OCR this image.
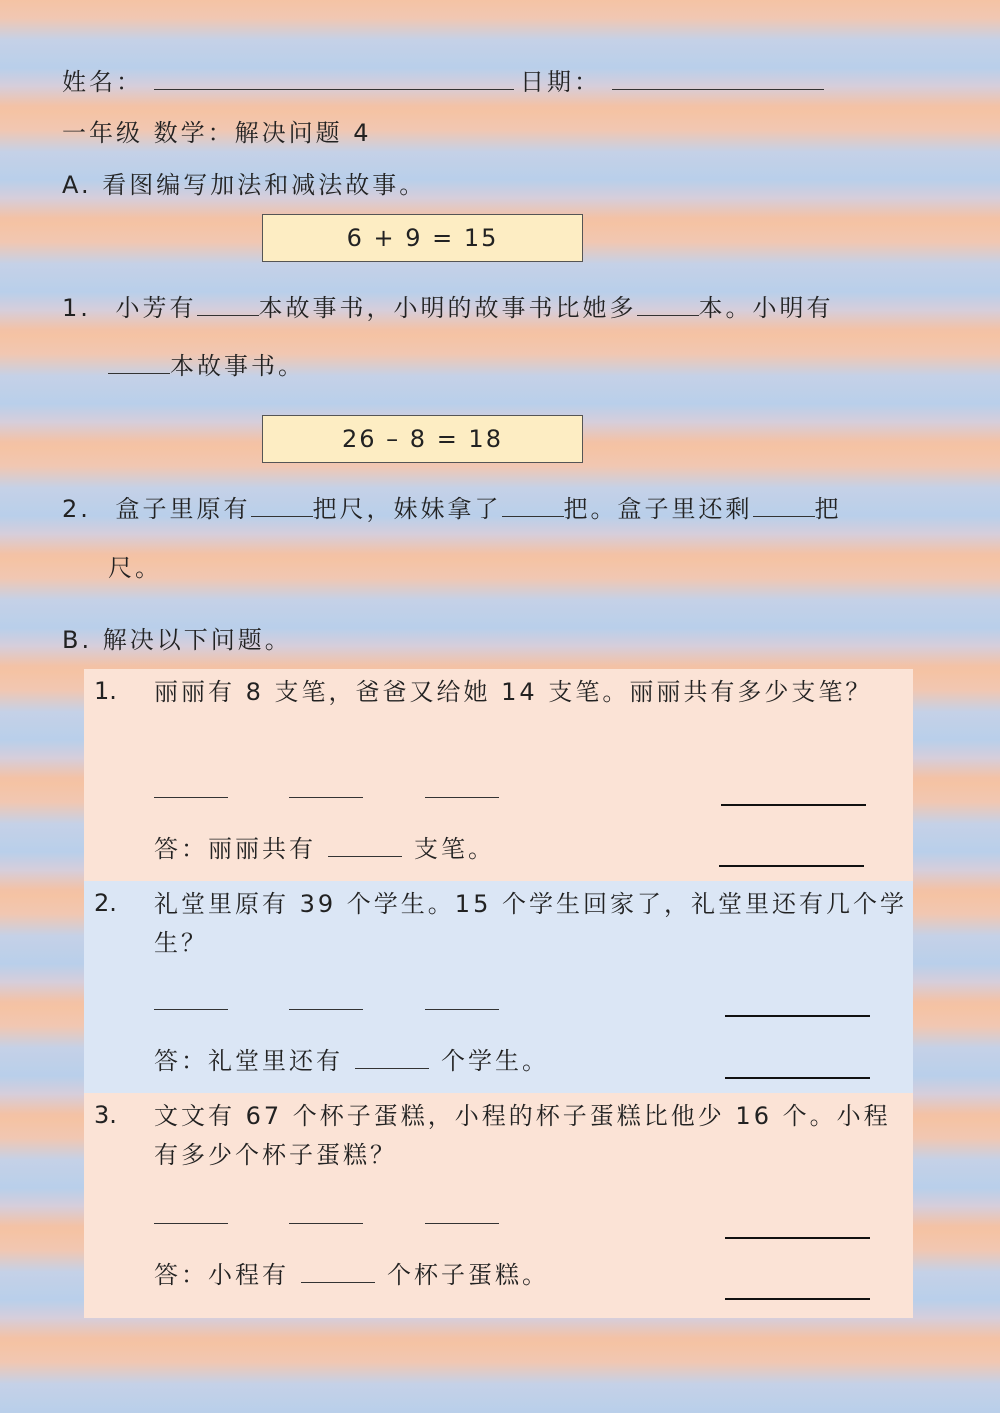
姓名：	日期：
一年级 数学：解决问题 4
A. 看图编写加法和减法故事。
6 + 9 = 15
1. 小芳有	本故事书，小明的故事书比她多	本。小明有
本故事书。
26 – 8 = 18
2. 盒子里原有	把尺，妹妹拿了	把。盒子里还剩	把
尺。
B. 解决以下问题。
1. 丽丽有 8 支笔，爸爸又给她 14 支笔。丽丽共有多少支笔？
答：丽丽共有	支笔。
2. 礼堂里原有 39 个学生。15 个学生回家了，礼堂里还有几个学生？
答：礼堂里还有	个学生。
3. 文文有 67 个杯子蛋糕，小程的杯子蛋糕比他少 16 个。小程有多少个杯子蛋糕？
答：小程有	个杯子蛋糕。
